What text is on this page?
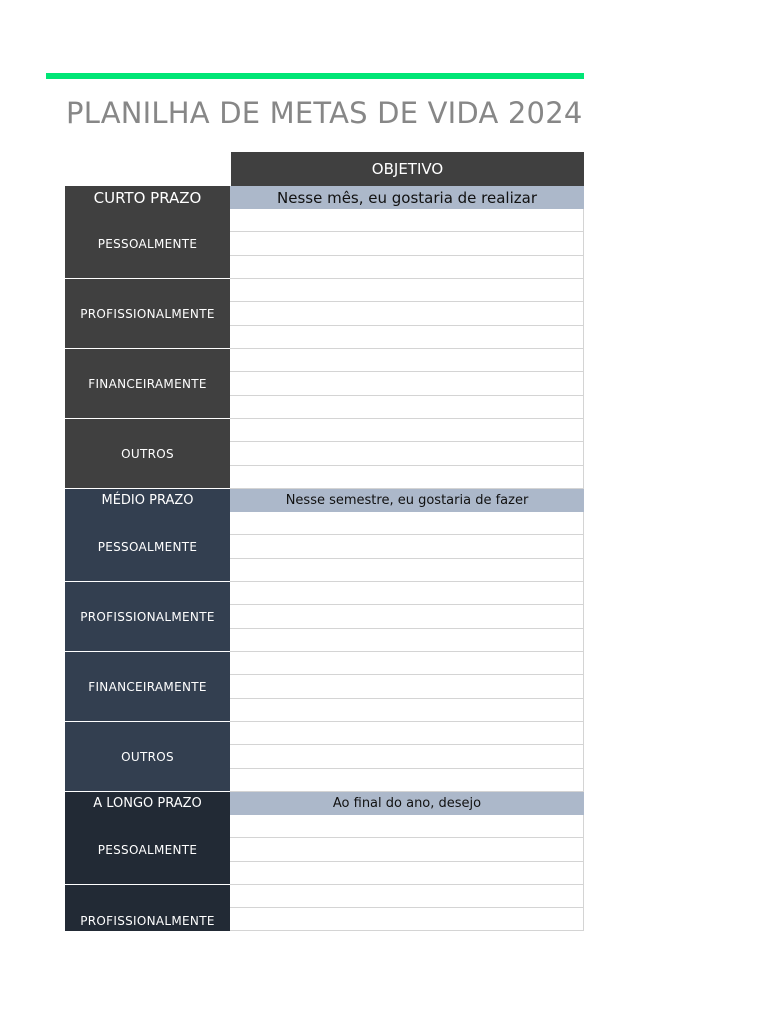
PLANILHA DE METAS DE VIDA 2024
OBJETIVO
CURTO PRAZO	Nesse mês, eu gostaria de realizar
PESSOALMENTE
PROFISSIONALMENTE
FINANCEIRAMENTE
OUTROS
MÉDIO PRAZO	Nesse semestre, eu gostaria de fazer
PESSOALMENTE
PROFISSIONALMENTE
FINANCEIRAMENTE
OUTROS
A LONGO PRAZO	Ao final do ano, desejo
PESSOALMENTE
PROFISSIONALMENTE
